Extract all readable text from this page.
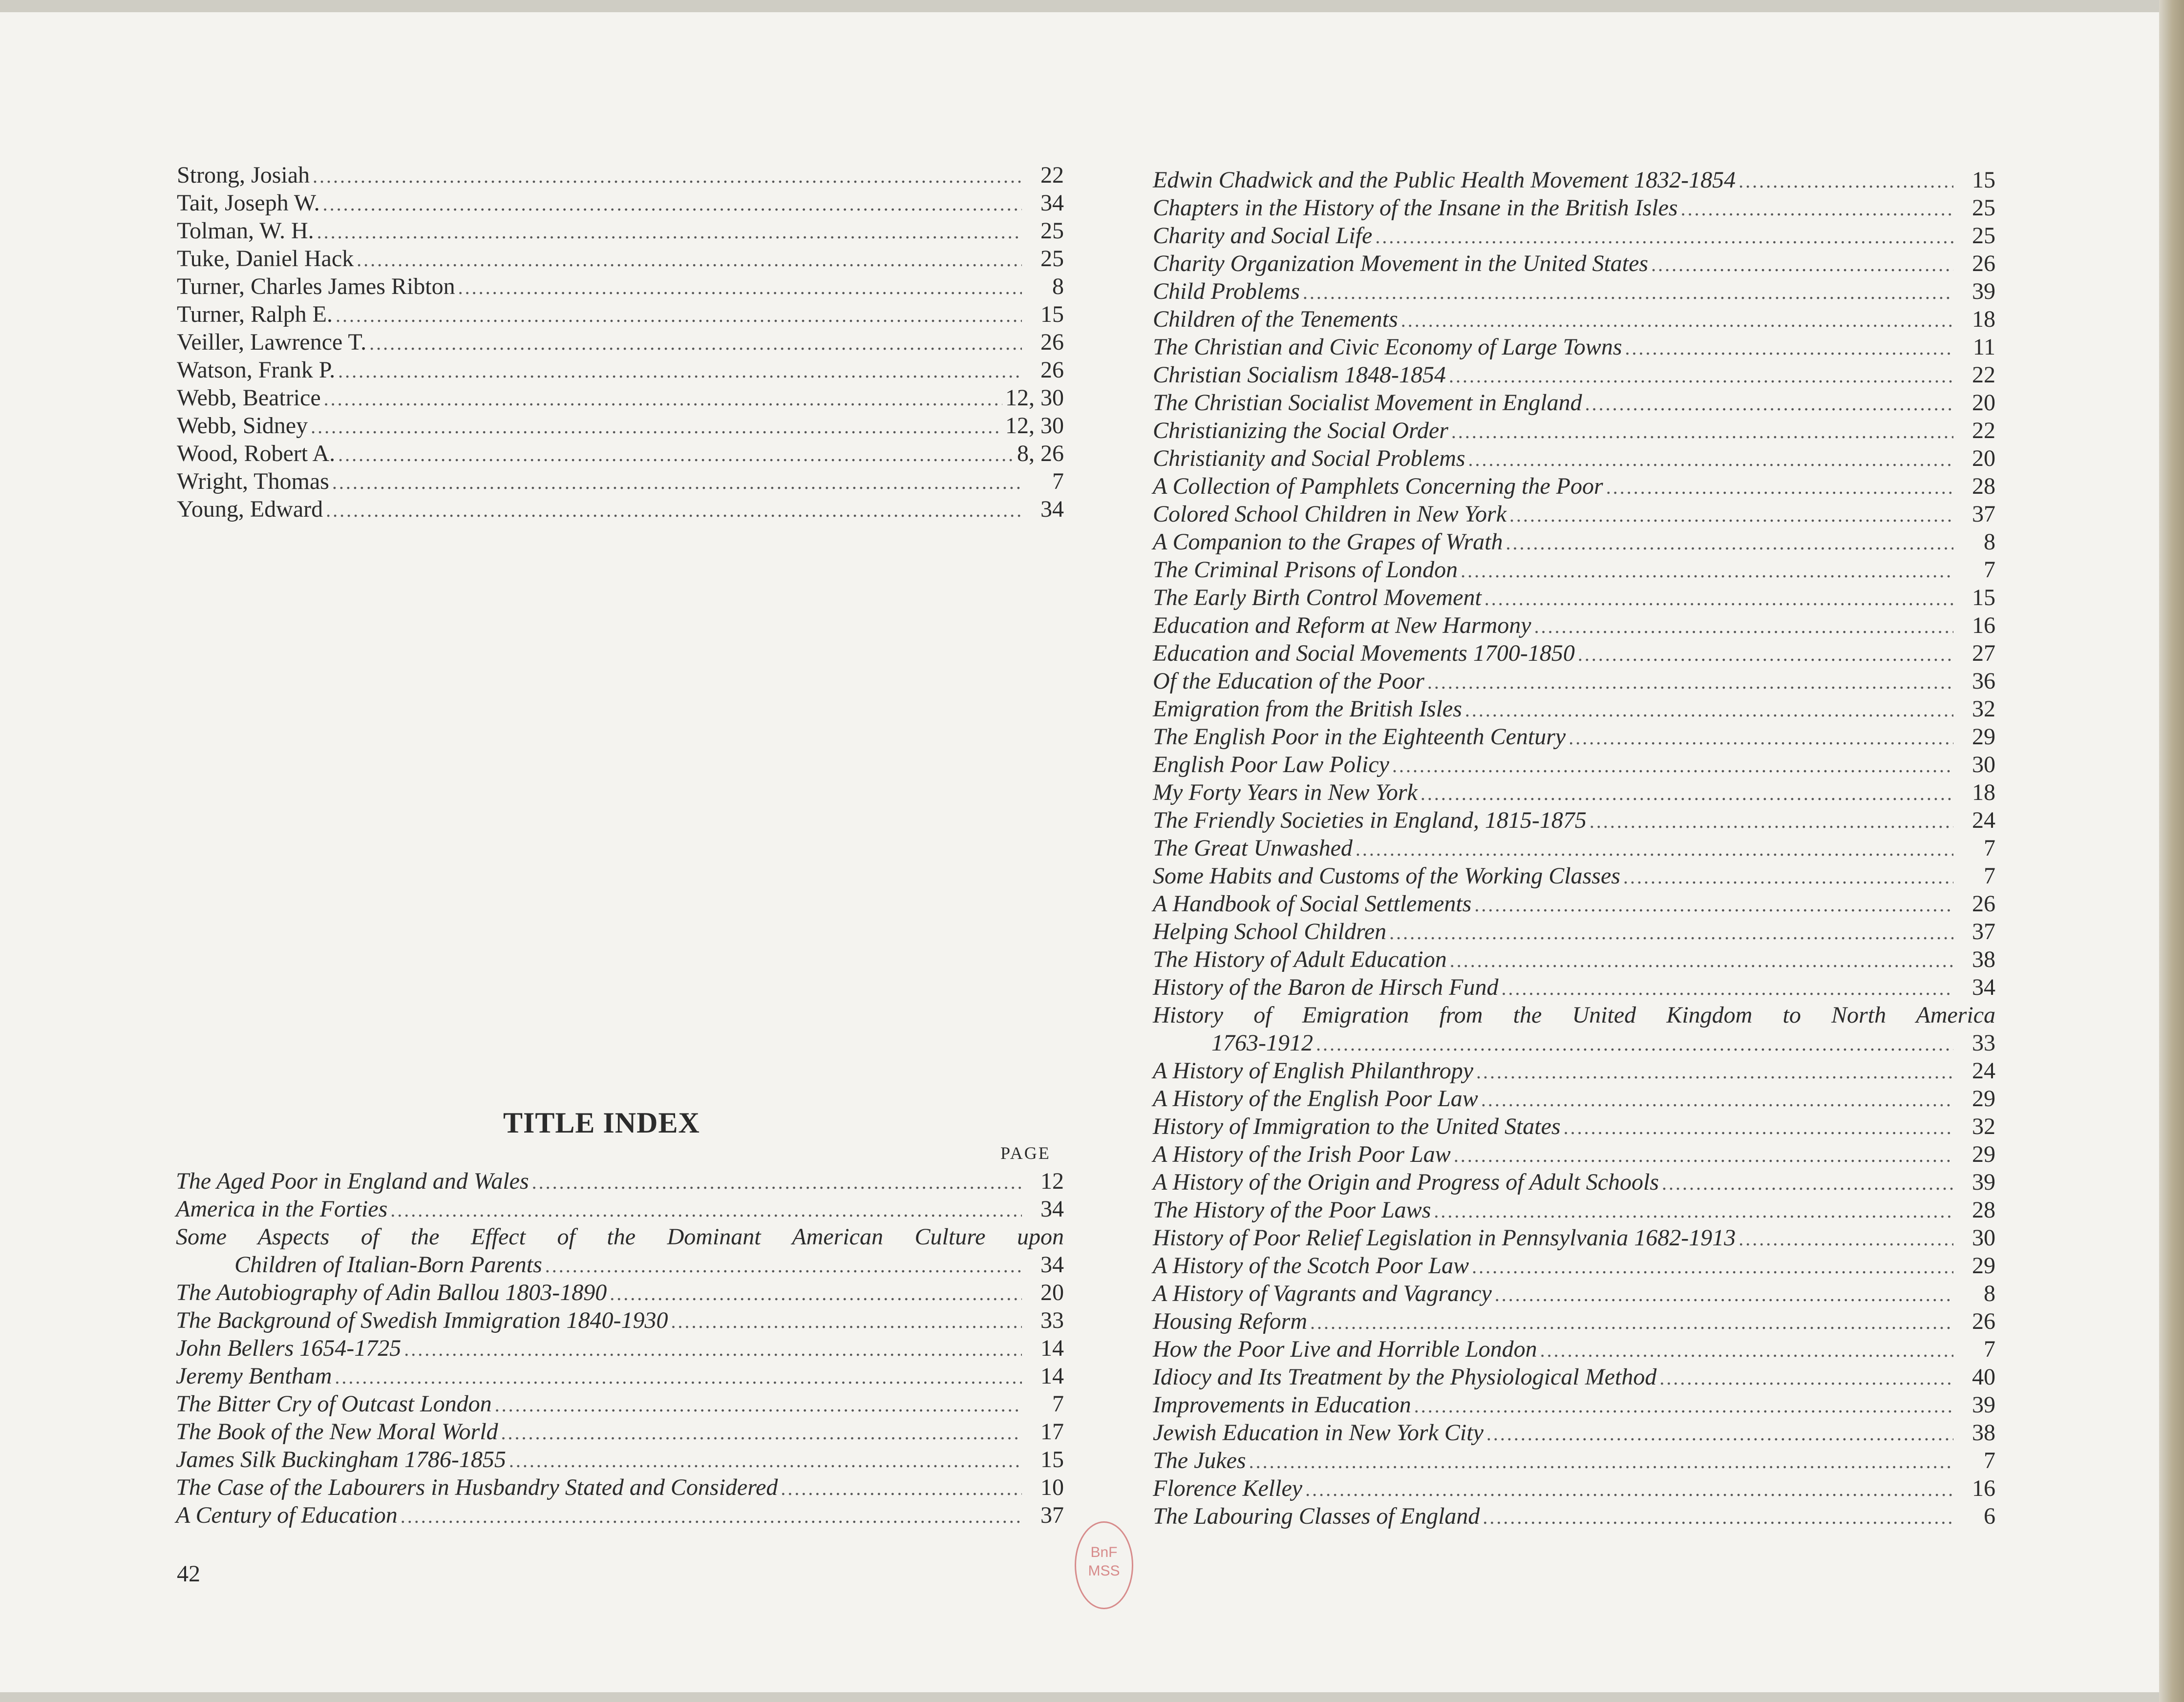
Strong, Josiah .....	22
Tait, Joseph W. .....	34
Tolman, W. H. .....	25
Tuke, Daniel Hack .....	25
Turner, Charles James Ribton .....	8
Turner, Ralph E. .....	15
Veiller, Lawrence T. .....	26
Watson, Frank P. .....	26
Webb, Beatrice .....	12, 30
Webb, Sidney .....	12, 30
Wood, Robert A. .....	8, 26
Wright, Thomas .....	7
Young, Edward .....	34
TITLE INDEX
PAGE
The Aged Poor in England and Wales .....	12
America in the Forties .....	34
Some Aspects of the Effect of the Dominant American Culture upon
Children of Italian-Born Parents .....	34
The Autobiography of Adin Ballou 1803-1890 .....	20
The Background of Swedish Immigration 1840-1930 .....	33
John Bellers 1654-1725 .....	14
Jeremy Bentham .....	14
The Bitter Cry of Outcast London .....	7
The Book of the New Moral World .....	17
James Silk Buckingham 1786-1855 .....	15
The Case of the Labourers in Husbandry Stated and Considered .....	10
A Century of Education .....	37
Edwin Chadwick and the Public Health Movement 1832-1854 .....	15
Chapters in the History of the Insane in the British Isles .....	25
Charity and Social Life .....	25
Charity Organization Movement in the United States .....	26
Child Problems .....	39
Children of the Tenements .....	18
The Christian and Civic Economy of Large Towns .....	11
Christian Socialism 1848-1854 .....	22
The Christian Socialist Movement in England .....	20
Christianizing the Social Order .....	22
Christianity and Social Problems .....	20
A Collection of Pamphlets Concerning the Poor .....	28
Colored School Children in New York .....	37
A Companion to the Grapes of Wrath .....	8
The Criminal Prisons of London .....	7
The Early Birth Control Movement .....	15
Education and Reform at New Harmony .....	16
Education and Social Movements 1700-1850 .....	27
Of the Education of the Poor .....	36
Emigration from the British Isles .....	32
The English Poor in the Eighteenth Century .....	29
English Poor Law Policy .....	30
My Forty Years in New York .....	18
The Friendly Societies in England, 1815-1875 .....	24
The Great Unwashed .....	7
Some Habits and Customs of the Working Classes .....	7
A Handbook of Social Settlements .....	26
Helping School Children .....	37
The History of Adult Education .....	38
History of the Baron de Hirsch Fund .....	34
History of Emigration from the United Kingdom to North America
1763-1912 .....	33
A History of English Philanthropy .....	24
A History of the English Poor Law .....	29
History of Immigration to the United States .....	32
A History of the Irish Poor Law .....	29
A History of the Origin and Progress of Adult Schools .....	39
The History of the Poor Laws .....	28
History of Poor Relief Legislation in Pennsylvania 1682-1913 .....	30
A History of the Scotch Poor Law .....	29
A History of Vagrants and Vagrancy .....	8
Housing Reform .....	26
How the Poor Live and Horrible London .....	7
Idiocy and Its Treatment by the Physiological Method .....	40
Improvements in Education .....	39
Jewish Education in New York City .....	38
The Jukes .....	7
Florence Kelley .....	16
The Labouring Classes of England .....	6
42
BnF
MSS
